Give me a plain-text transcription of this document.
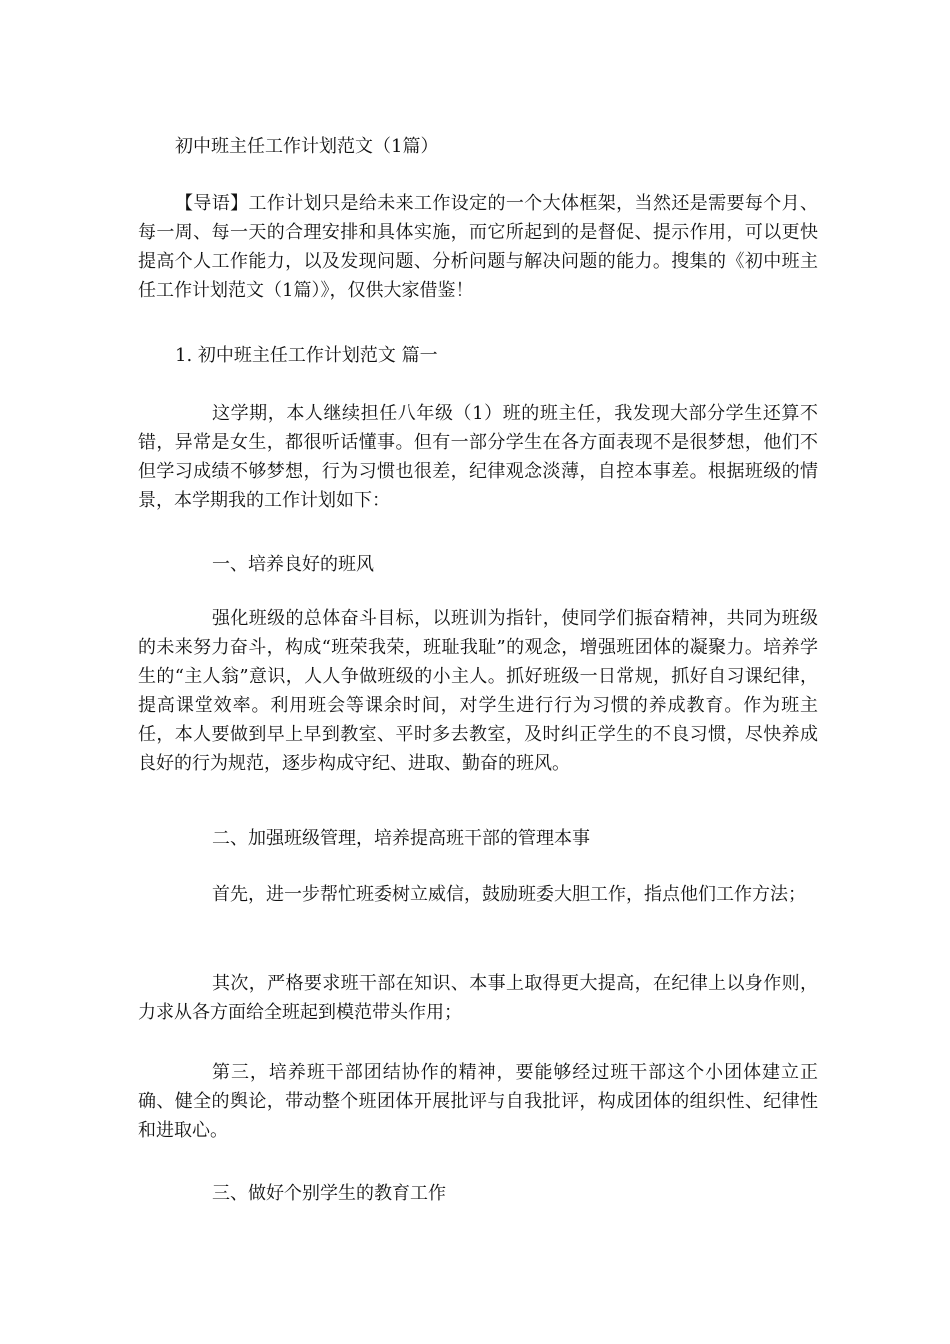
初中班主任工作计划范文（1篇）

【导语】工作计划只是给未来工作设定的一个大体框架，当然还是需要每个月、每一周、每一天的合理安排和具体实施，而它所起到的是督促、提示作用，可以更快提高个人工作能力，以及发现问题、分析问题与解决问题的能力。搜集的《初中班主任工作计划范文（1篇）》，仅供大家借鉴！

1. 初中班主任工作计划范文 篇一

这学期，本人继续担任八年级（1）班的班主任，我发现大部分学生还算不错，异常是女生，都很听话懂事。但有一部分学生在各方面表现不是很梦想，他们不但学习成绩不够梦想，行为习惯也很差，纪律观念淡薄，自控本事差。根据班级的情景，本学期我的工作计划如下：

一、培养良好的班风

强化班级的总体奋斗目标，以班训为指针，使同学们振奋精神，共同为班级的未来努力奋斗，构成“班荣我荣，班耻我耻”的观念，增强班团体的凝聚力。培养学生的“主人翁”意识，人人争做班级的小主人。抓好班级一日常规，抓好自习课纪律，提高课堂效率。利用班会等课余时间，对学生进行行为习惯的养成教育。作为班主任，本人要做到早上早到教室、平时多去教室，及时纠正学生的不良习惯，尽快养成良好的行为规范，逐步构成守纪、进取、勤奋的班风。

二、加强班级管理，培养提高班干部的管理本事

首先，进一步帮忙班委树立威信，鼓励班委大胆工作，指点他们工作方法；

其次，严格要求班干部在知识、本事上取得更大提高，在纪律上以身作则，力求从各方面给全班起到模范带头作用；

第三，培养班干部团结协作的精神，要能够经过班干部这个小团体建立正确、健全的舆论，带动整个班团体开展批评与自我批评，构成团体的组织性、纪律性和进取心。

三、做好个别学生的教育工作
